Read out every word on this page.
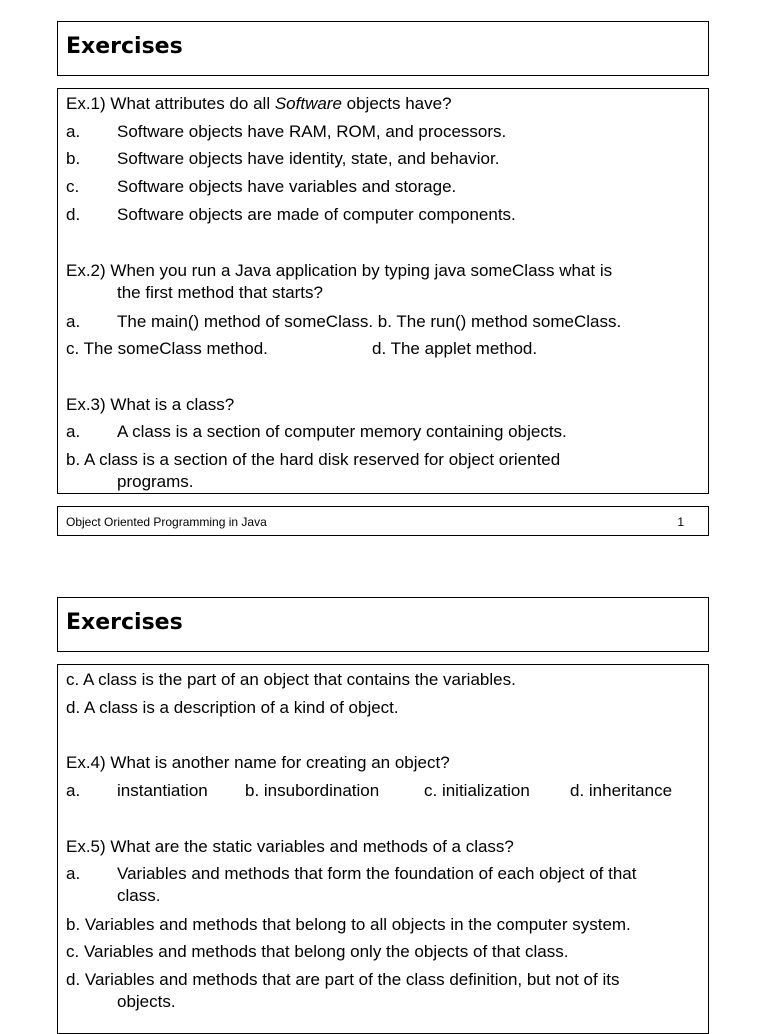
Exercises
Ex.1) What attributes do all Software objects have?
a. Software objects have RAM, ROM, and processors.
b. Software objects have identity, state, and behavior.
c. Software objects have variables and storage.
d. Software objects are made of computer components.
Ex.2) When you run a Java application by typing java someClass what is
the first method that starts?
a. The main() method of someClass. b. The run() method someClass.
c. The someClass method.	d. The applet method.
Ex.3) What is a class?
a. A class is a section of computer memory containing objects.
b. A class is a section of the hard disk reserved for object oriented
programs.
Object Oriented Programming in Java	1
Exercises
c. A class is the part of an object that contains the variables.
d. A class is a description of a kind of object.
Ex.4) What is another name for creating an object?
a. instantiation b. insubordination	c. initialization d. inheritance
Ex.5) What are the static variables and methods of a class?
a. Variables and methods that form the foundation of each object of that
class.
b. Variables and methods that belong to all objects in the computer system.
c. Variables and methods that belong only the objects of that class.
d. Variables and methods that are part of the class definition, but not of its
objects.
